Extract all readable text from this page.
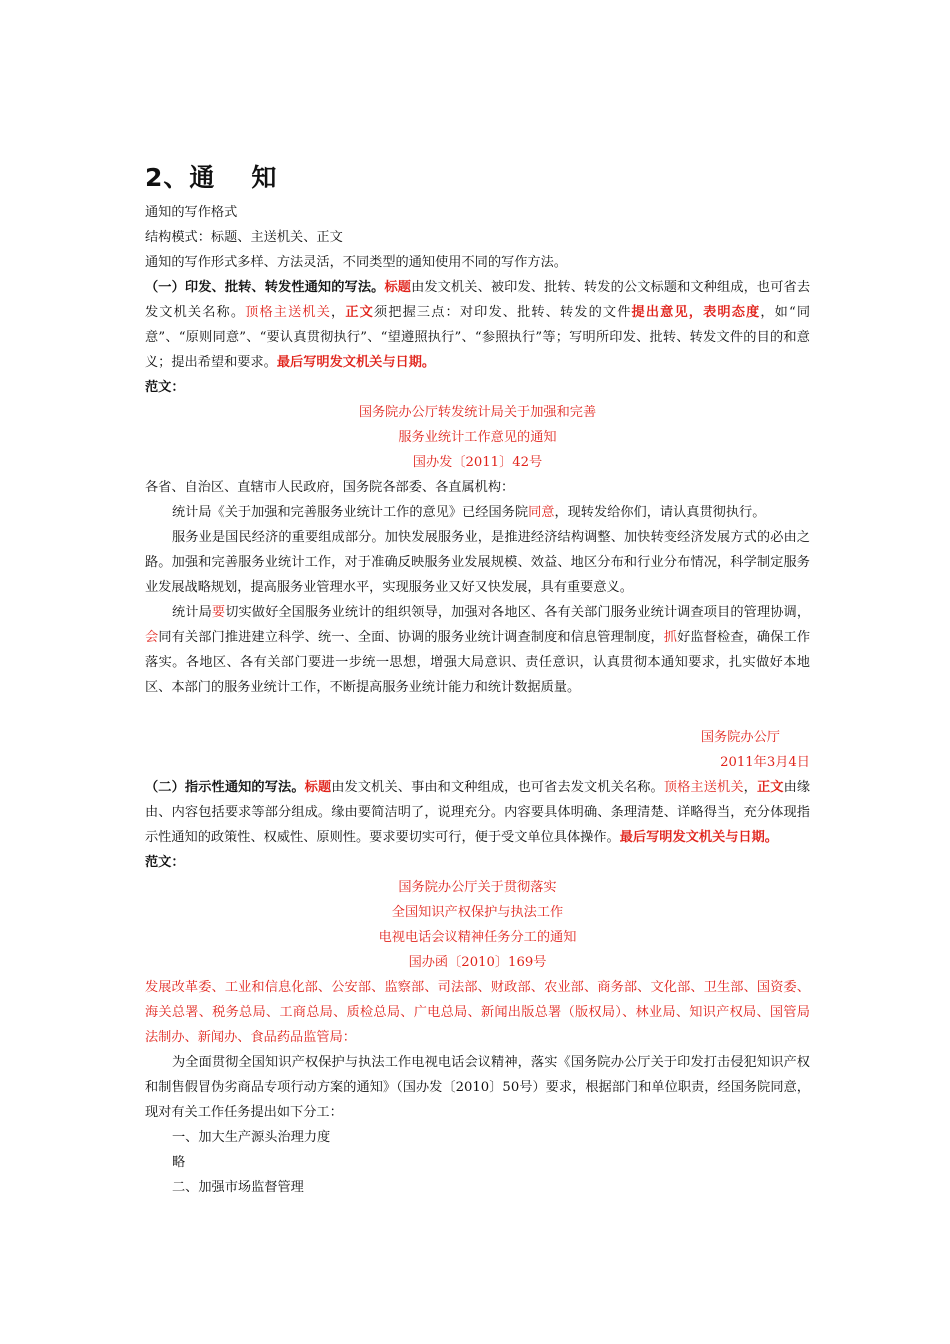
2、通 知

通知的写作格式

结构模式：标题、主送机关、正文

通知的写作形式多样、方法灵活，不同类型的通知使用不同的写作方法。

（一）印发、批转、转发性通知的写法。标题由发文机关、被印发、批转、转发的公文标题和文种组成，也可省去发文机关名称。顶格主送机关，正文须把握三点：对印发、批转、转发的文件提出意见，表明态度，如“同意”、“原则同意”、“要认真贯彻执行”、“望遵照执行”、“参照执行”等；写明所印发、批转、转发文件的目的和意义；提出希望和要求。最后写明发文机关与日期。

范文：

国务院办公厅转发统计局关于加强和完善

服务业统计工作意见的通知

国办发〔2011〕42号

各省、自治区、直辖市人民政府，国务院各部委、各直属机构：

统计局《关于加强和完善服务业统计工作的意见》已经国务院同意，现转发给你们，请认真贯彻执行。

服务业是国民经济的重要组成部分。加快发展服务业，是推进经济结构调整、加快转变经济发展方式的必由之路。加强和完善服务业统计工作，对于准确反映服务业发展规模、效益、地区分布和行业分布情况，科学制定服务业发展战略规划，提高服务业管理水平，实现服务业又好又快发展，具有重要意义。

统计局要切实做好全国服务业统计的组织领导，加强对各地区、各有关部门服务业统计调查项目的管理协调，会同有关部门推进建立科学、统一、全面、协调的服务业统计调查制度和信息管理制度，抓好监督检查，确保工作落实。各地区、各有关部门要进一步统一思想，增强大局意识、责任意识，认真贯彻本通知要求，扎实做好本地区、本部门的服务业统计工作，不断提高服务业统计能力和统计数据质量。

国务院办公厅

2011年3月4日

（二）指示性通知的写法。标题由发文机关、事由和文种组成，也可省去发文机关名称。顶格主送机关，正文由缘由、内容包括要求等部分组成。缘由要简洁明了，说理充分。内容要具体明确、条理清楚、详略得当，充分体现指示性通知的政策性、权威性、原则性。要求要切实可行，便于受文单位具体操作。最后写明发文机关与日期。

范文：

国务院办公厅关于贯彻落实

全国知识产权保护与执法工作

电视电话会议精神任务分工的通知

国办函〔2010〕169号

发展改革委、工业和信息化部、公安部、监察部、司法部、财政部、农业部、商务部、文化部、卫生部、国资委、海关总署、税务总局、工商总局、质检总局、广电总局、新闻出版总署（版权局）、林业局、知识产权局、国管局法制办、新闻办、食品药品监管局：

为全面贯彻全国知识产权保护与执法工作电视电话会议精神，落实《国务院办公厅关于印发打击侵犯知识产权和制售假冒伪劣商品专项行动方案的通知》（国办发〔2010〕50号）要求，根据部门和单位职责，经国务院同意，现对有关工作任务提出如下分工：

一、加大生产源头治理力度

略

二、加强市场监督管理
